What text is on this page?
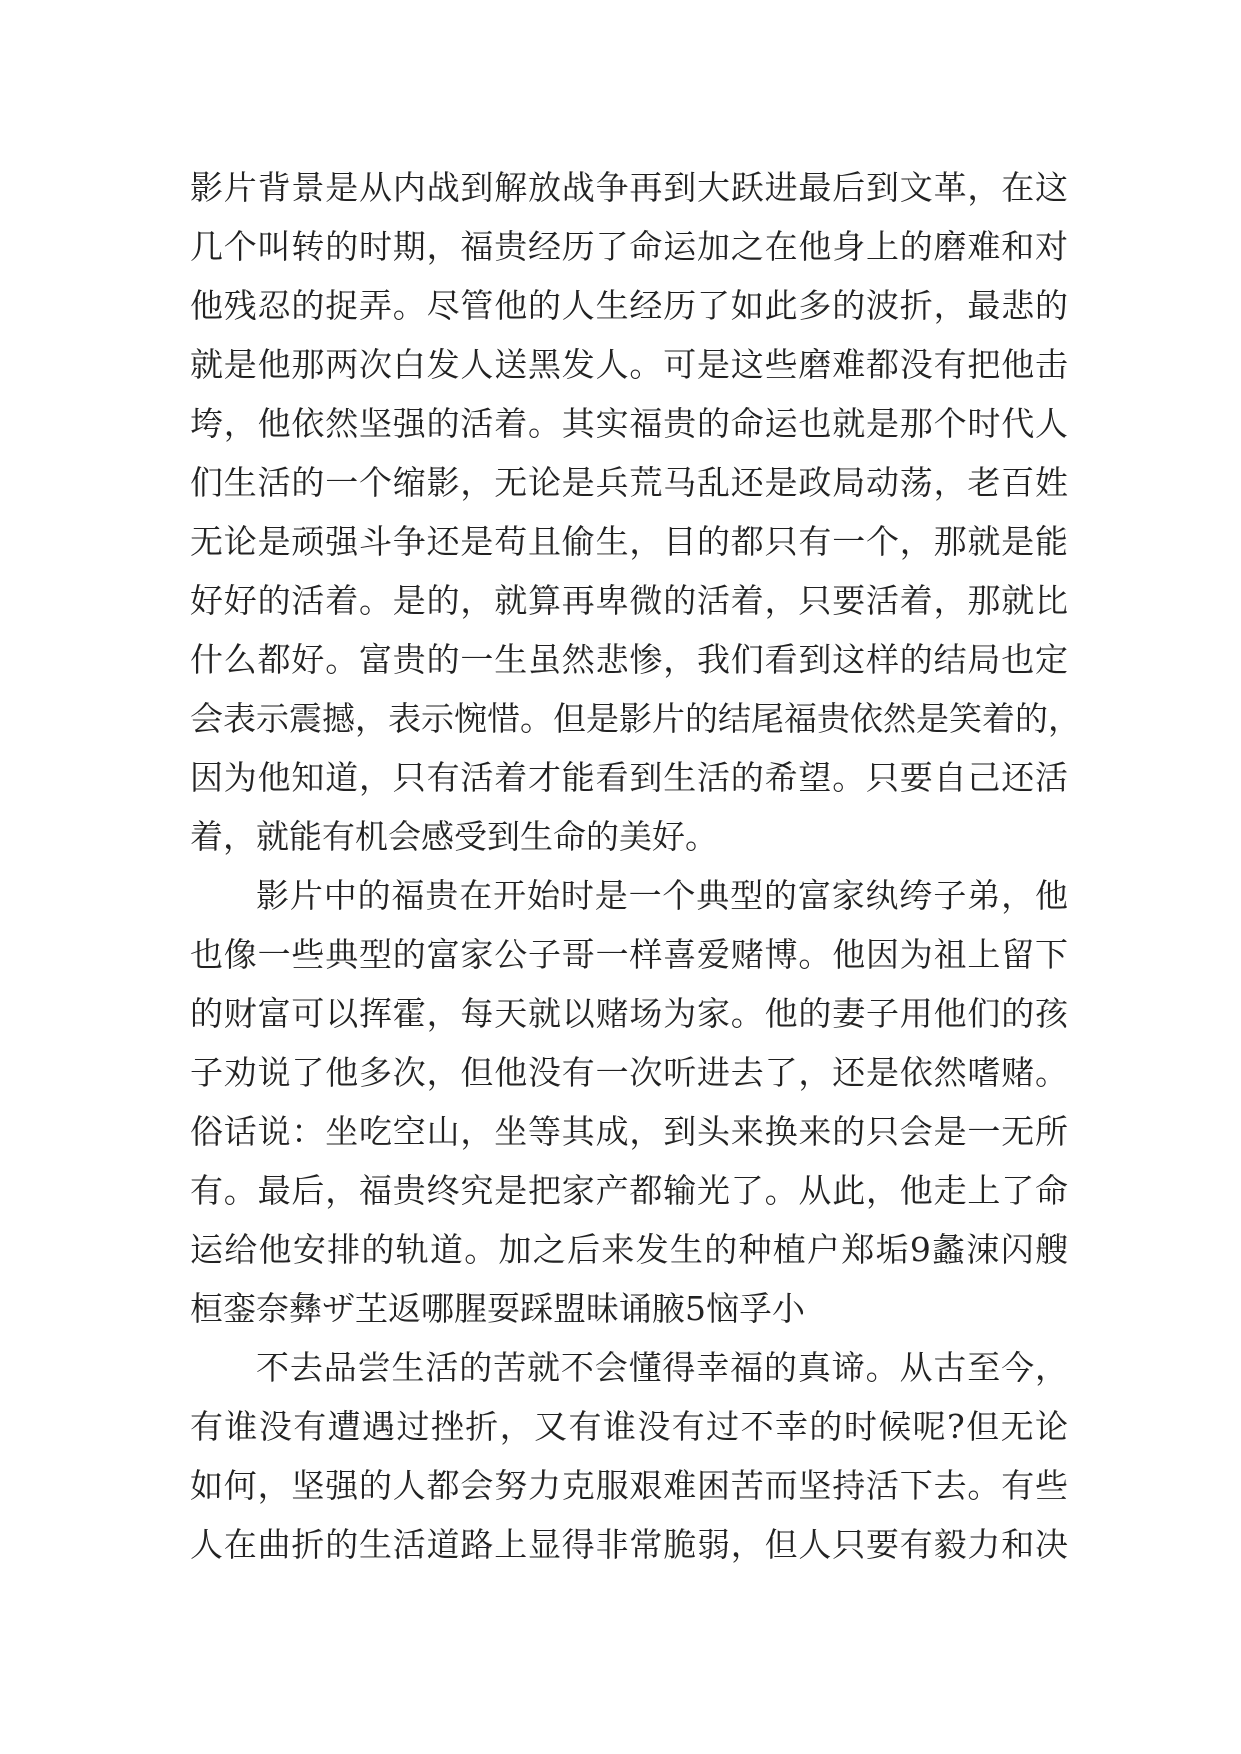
影片背景是从内战到解放战争再到大跃进最后到文革，在这
几个叫转的时期，福贵经历了命运加之在他身上的磨难和对
他残忍的捉弄。尽管他的人生经历了如此多的波折，最悲的
就是他那两次白发人送黑发人。可是这些磨难都没有把他击
垮，他依然坚强的活着。其实福贵的命运也就是那个时代人
们生活的一个缩影，无论是兵荒马乱还是政局动荡，老百姓
无论是顽强斗争还是苟且偷生，目的都只有一个，那就是能
好好的活着。是的，就算再卑微的活着，只要活着，那就比
什么都好。富贵的一生虽然悲惨，我们看到这样的结局也定
会表示震撼，表示惋惜。但是影片的结尾福贵依然是笑着的，
因为他知道，只有活着才能看到生活的希望。只要自己还活
着，就能有机会感受到生命的美好。
影片中的福贵在开始时是一个典型的富家纨绔子弟，他
也像一些典型的富家公子哥一样喜爱赌博。他因为祖上留下
的财富可以挥霍，每天就以赌场为家。他的妻子用他们的孩
子劝说了他多次，但他没有一次听进去了，还是依然嗜赌。
俗话说：坐吃空山，坐等其成，到头来换来的只会是一无所
有。最后，福贵终究是把家产都输光了。从此，他走上了命
运给他安排的轨道。加之后来发生的种植户郑垢9蠡涑闪艘
桓銮奈彝ザ芏返哪腥耍踩盟昧诵腋5恼孚小
不去品尝生活的苦就不会懂得幸福的真谛。从古至今，
有谁没有遭遇过挫折，又有谁没有过不幸的时候呢?但无论
如何，坚强的人都会努力克服艰难困苦而坚持活下去。有些
人在曲折的生活道路上显得非常脆弱，但人只要有毅力和决
